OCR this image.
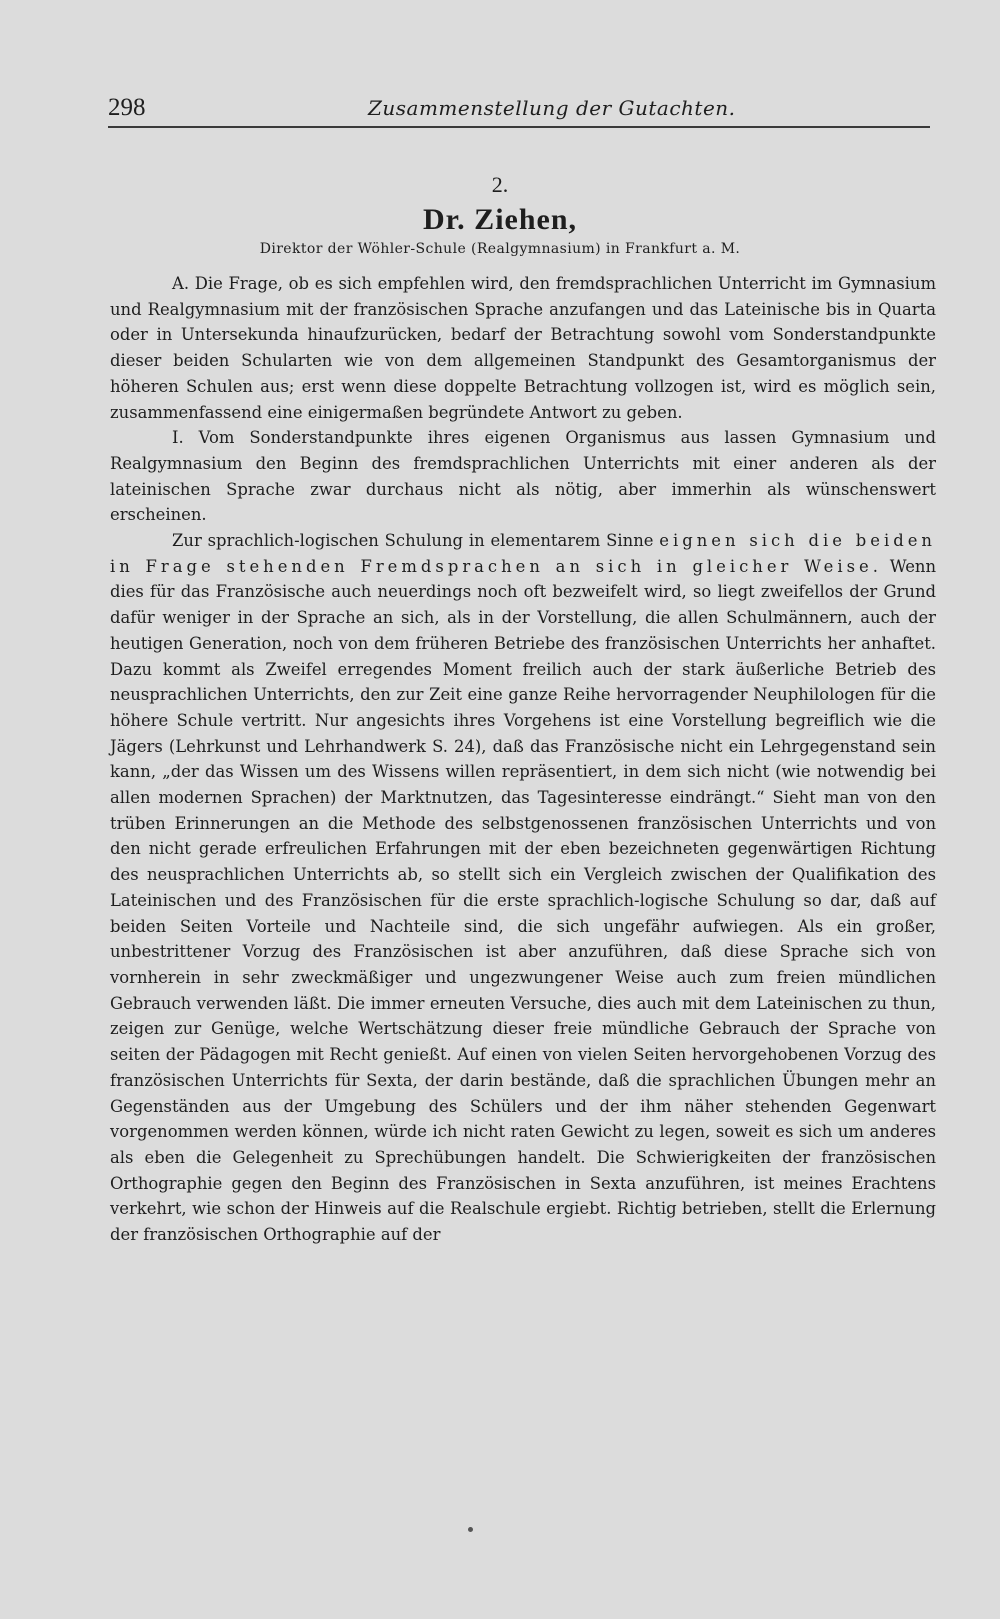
298	Zusammenstellung der Gutachten.
2.
Dr. Ziehen,
Direktor der Wöhler-Schule (Realgymnasium) in Frankfurt a. M.

A. Die Frage, ob es sich empfehlen wird, den fremdsprachlichen Unterricht im Gymnasium und Realgymnasium mit der französischen Sprache anzufangen und das Lateinische bis in Quarta oder in Untersekunda hinaufzurücken, bedarf der Betrachtung sowohl vom Sonderstandpunkte dieser beiden Schularten wie von dem allgemeinen Standpunkt des Gesamtorganismus der höheren Schulen aus; erst wenn diese doppelte Betrachtung vollzogen ist, wird es möglich sein, zusammenfassend eine einigermaßen begründete Antwort zu geben.

I. Vom Sonderstandpunkte ihres eigenen Organismus aus lassen Gymnasium und Realgymnasium den Beginn des fremdsprachlichen Unterrichts mit einer anderen als der lateinischen Sprache zwar durchaus nicht als nötig, aber immerhin als wünschenswert erscheinen.

Zur sprachlich-logischen Schulung in elementarem Sinne eignen sich die beiden in Frage stehenden Fremdsprachen an sich in gleicher Weise. Wenn dies für das Französische auch neuerdings noch oft bezweifelt wird, so liegt zweifellos der Grund dafür weniger in der Sprache an sich, als in der Vorstellung, die allen Schulmännern, auch der heutigen Generation, noch von dem früheren Betriebe des französischen Unterrichts her anhaftet. Dazu kommt als Zweifel erregendes Moment freilich auch der stark äußerliche Betrieb des neusprachlichen Unterrichts, den zur Zeit eine ganze Reihe hervorragender Neuphilologen für die höhere Schule vertritt. Nur angesichts ihres Vorgehens ist eine Vorstellung begreiflich wie die Jägers (Lehrkunst und Lehrhandwerk S. 24), daß das Französische nicht ein Lehrgegenstand sein kann, „der das Wissen um des Wissens willen repräsentiert, in dem sich nicht (wie notwendig bei allen modernen Sprachen) der Marktnutzen, das Tagesinteresse eindrängt.“ Sieht man von den trüben Erinnerungen an die Methode des selbstgenossenen französischen Unterrichts und von den nicht gerade erfreulichen Erfahrungen mit der eben bezeichneten gegenwärtigen Richtung des neusprachlichen Unterrichts ab, so stellt sich ein Vergleich zwischen der Qualifikation des Lateinischen und des Französischen für die erste sprachlich-logische Schulung so dar, daß auf beiden Seiten Vorteile und Nachteile sind, die sich ungefähr aufwiegen. Als ein großer, unbestrittener Vorzug des Französischen ist aber anzuführen, daß diese Sprache sich von vornherein in sehr zweckmäßiger und ungezwungener Weise auch zum freien mündlichen Gebrauch verwenden läßt. Die immer erneuten Versuche, dies auch mit dem Lateinischen zu thun, zeigen zur Genüge, welche Wertschätzung dieser freie mündliche Gebrauch der Sprache von seiten der Pädagogen mit Recht genießt. Auf einen von vielen Seiten hervorgehobenen Vorzug des französischen Unterrichts für Sexta, der darin bestände, daß die sprachlichen Übungen mehr an Gegenständen aus der Umgebung des Schülers und der ihm näher stehenden Gegenwart vorgenommen werden können, würde ich nicht raten Gewicht zu legen, soweit es sich um anderes als eben die Gelegenheit zu Sprechübungen handelt. Die Schwierigkeiten der französischen Orthographie gegen den Beginn des Französischen in Sexta anzuführen, ist meines Erachtens verkehrt, wie schon der Hinweis auf die Realschule ergiebt. Richtig betrieben, stellt die Erlernung der französischen Orthographie auf der
